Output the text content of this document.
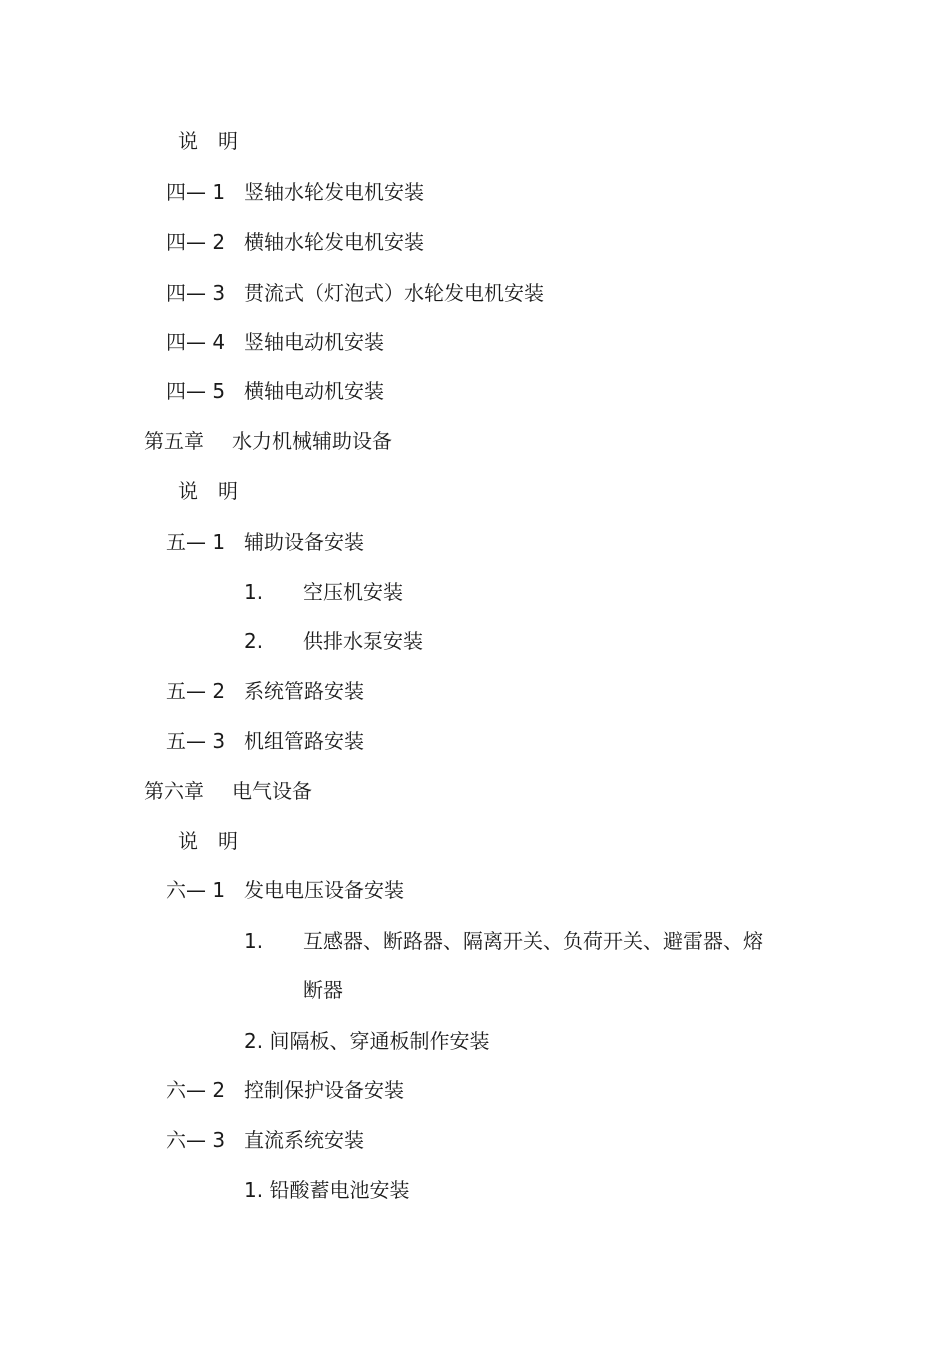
说　明
四— 1 竖轴水轮发电机安装
四— 2 横轴水轮发电机安装
四— 3 贯流式（灯泡式）水轮发电机安装
四— 4 竖轴电动机安装
四— 5 横轴电动机安装
第五章 水力机械辅助设备
说　明
五— 1 辅助设备安装
1. 空压机安装
2. 供排水泵安装
五— 2 系统管路安装
五— 3 机组管路安装
第六章 电气设备
说　明
六— 1 发电电压设备安装
1. 互感器、断路器、隔离开关、负荷开关、避雷器、熔
断器
2. 间隔板、穿通板制作安装
六— 2 控制保护设备安装
六— 3 直流系统安装
1. 铅酸蓄电池安装
